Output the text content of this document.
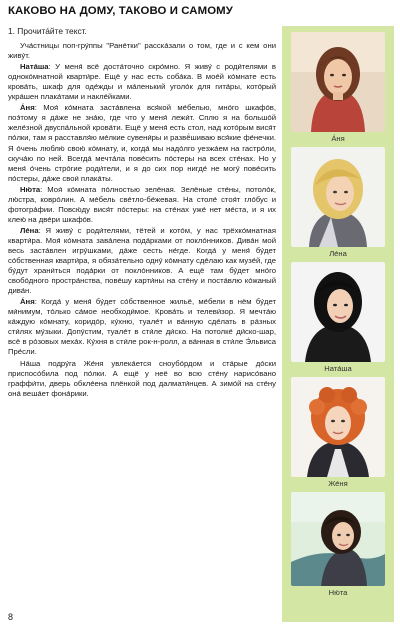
КАКОВО НА ДОМУ, ТАКОВО И САМОМУ
1. Прочита́йте текст.

Уча́стницы поп-гру́ппы "Ране́тки" расска́зали о том, где и с кем они живу́т.

Ната́ша: У меня́ всё доста́точно скро́мно. Я живу́ с роди́телями в одноко́мнатной кварти́ре. Ещё у нас есть соба́ка. В мое́й ко́мнате есть крова́ть, шкаф для оде́жды и ма́ленький уголо́к для гита́ры, кото́рый укра́шен плака́тами и накле́йками.

А́ня: Моя́ ко́мната заста́влена вся́кой ме́белью, мно́го шкафо́в, поэ́тому я да́же не зна́ю, где что у меня́ лежи́т. Сплю я на большо́й желе́зной двуспа́льной крова́ти. Ещё у меня́ есть стол, над кото́рым вися́т по́лки, там я расставля́ю ме́лкие сувени́ры и развё́шиваю вся́кие фе́нечки. Я о́чень люблю́ свою́ ко́мнату, и, когда́ мы надо́лго уезжа́ем на гастро́ли, скуча́ю по ней. Всегда́ мечта́ла пове́сить по́стеры на всех сте́нах. Но у меня́ о́чень стро́гие роди́тели, и я до сих пор нигде́ не могу́ пове́сить по́стеры, да́же свои́ плака́ты.

Ню́та: Моя́ ко́мната по́лностью зелёная. Зелёные сте́ны, потоло́к, лю́стра, ковро́лин. А ме́бель све́тло-бе́жевая. На столе́ стоя́т гло́бус и фотогра́фии. Повсю́ду вися́т по́стеры: на сте́нах уже́ нет ме́ста, и я их клею́ на две́ри шкафо́в.

Ле́на: Я живу́ с роди́телями, тётей и кото́м, у нас трёхко́мнатная кварти́ра. Моя́ ко́мната зава́лена пода́рками от покло́нников. Дива́н мой весь заста́влен игру́шками, да́же сесть не́где. Когда́ у меня́ бу́дет со́бственная кварти́ра, я обяза́тельно одну́ ко́мнату сде́лаю как музе́й, где бу́дут храни́ться пода́рки от покло́нников. А ещё там бу́дет мно́го свобо́дного простра́нства, пове́шу карти́ны на сте́ну и поста́влю ко́жаный дива́н.

А́ня: Когда́ у меня́ бу́дет со́бственное жильё, ме́бели в нём бу́дет ми́нимум, то́лько са́мое необходи́мое. Крова́ть и телеви́зор. Я мечта́ю ка́ждую ко́мнату, коридо́р, ку́хню, туале́т и ва́нную сде́лать в ра́зных сти́лях му́зыки. Допу́стим, туале́т в сти́ле ди́ско. На потолке́ ди́ско-шар, всё в ро́зовых меха́х. Ку́хня в сти́ле рок-н-ролл, а ва́нная в сти́ле Э́львиса Пре́сли.

На́ша подру́га Же́ня увлека́ется сноубо́рдом и ста́рые до́ски приспосо́била под по́лки. А ещё у неё во всю сте́ну нарисо́вано граффи́ти, дверь обкле́ена плёнкой под далмати́нцев. А зимо́й на сте́ну она́ веша́ет фона́рики.

8
А́ня
Ле́на
Ната́ша
Же́ня
Ню́та
